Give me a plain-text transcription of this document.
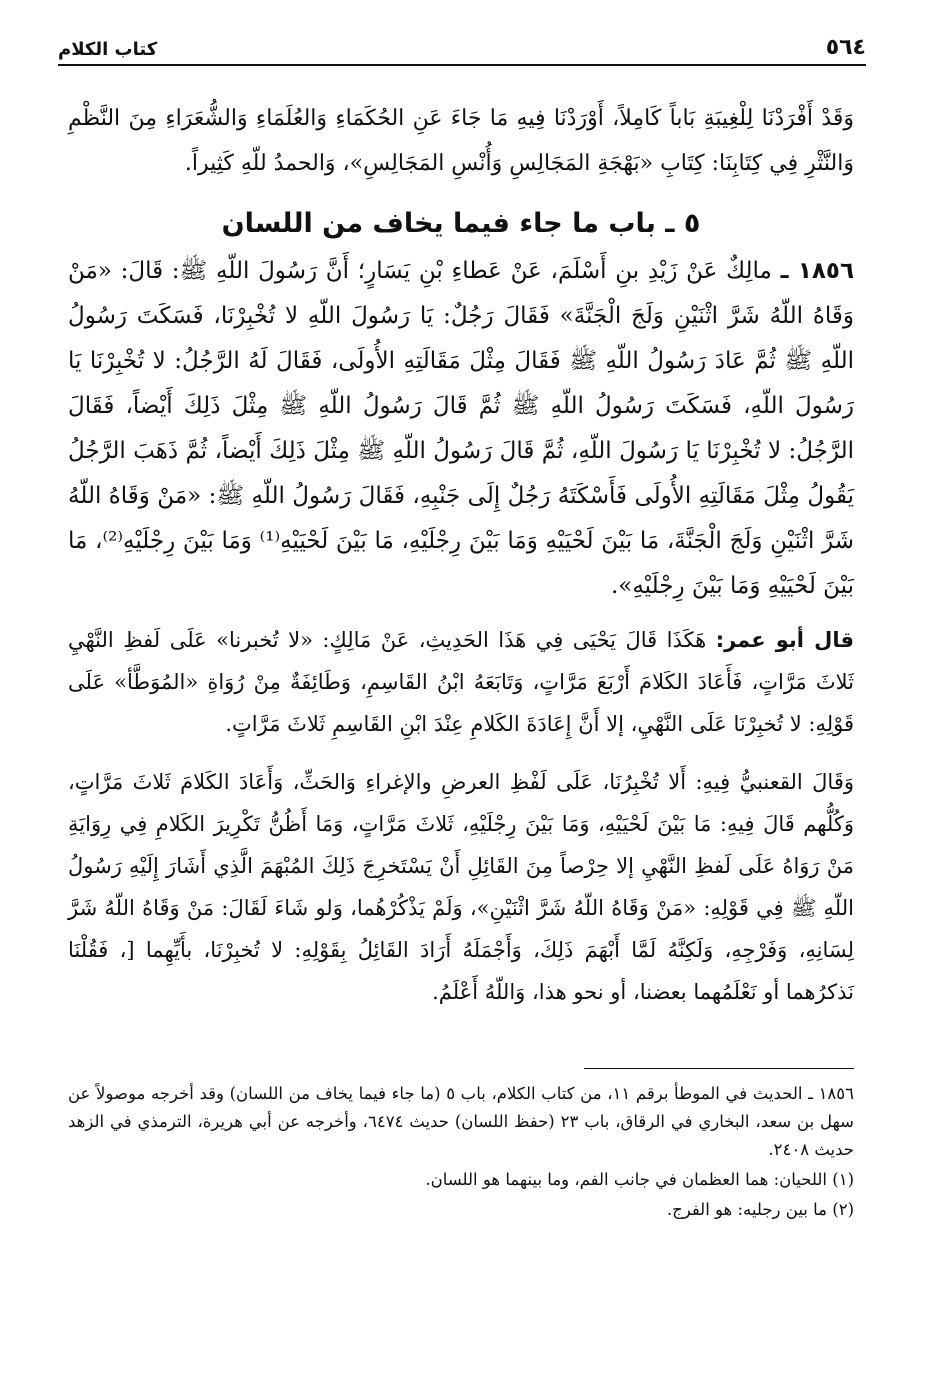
٥٦٤
كتاب الكلام

وَقَدْ أَفْرَدْنَا لِلْغِيبَةِ بَاباً كَامِلاً، أَوْرَدْنَا فِيهِ مَا جَاءَ عَنِ الحُكَمَاءِ وَالعُلَمَاءِ وَالشُّعَرَاءِ مِنَ النَّظْمِ وَالنَّثْرِ فِي كِتَابِنَا: كِتَابِ «بَهْجَةِ المَجَالِسِ وَأُنْسِ المَجَالِسِ»، وَالحمدُ للّهِ كَثِيراً.

٥ ـ باب ما جاء فيما يخاف من اللسان

١٨٥٦ ـ مالِكٌ عَنْ زَيْدِ بنِ أَسْلَمَ، عَنْ عَطاءِ بْنِ يَسَارٍ؛ أَنَّ رَسُولَ اللّهِ ﷺ: قَالَ: «مَنْ وَقَاهُ اللّهُ شَرَّ اثْنَيْنِ وَلَجَ الْجَنَّةَ» فَقَالَ رَجُلٌ: يَا رَسُولَ اللّهِ لا تُخْبِرْنَا، فَسَكَتَ رَسُولُ اللّهِ ﷺ ثُمَّ عَادَ رَسُولُ اللّهِ ﷺ فَقَالَ مِثْلَ مَقَالَتِهِ الأُولَى، فَقَالَ لَهُ الرَّجُلُ: لا تُخْبِرْنَا يَا رَسُولَ اللّهِ، فَسَكَتَ رَسُولُ اللّهِ ﷺ ثُمَّ قَالَ رَسُولُ اللّهِ ﷺ مِثْلَ ذَلِكَ أَيْضاً، فَقَالَ الرَّجُلُ: لا تُخْبِرْنَا يَا رَسُولَ اللّهِ، ثُمَّ قَالَ رَسُولُ اللّهِ ﷺ مِثْلَ ذَلِكَ أَيْضاً، ثُمَّ ذَهَبَ الرَّجُلُ يَقُولُ مِثْلَ مَقَالَتِهِ الأُولَى فَأَسْكَتَهُ رَجُلٌ إِلَى جَنْبِهِ، فَقَالَ رَسُولُ اللّهِ ﷺ: «مَنْ وَقَاهُ اللّهُ شَرَّ اثْنَيْنِ وَلَجَ الْجَنَّةَ، مَا بَيْنَ لَحْيَيْهِ وَمَا بَيْنَ رِجْلَيْهِ، مَا بَيْنَ لَحْيَيْهِ⁽¹⁾ وَمَا بَيْنَ رِجْلَيْهِ⁽²⁾، مَا بَيْنَ لَحْيَيْهِ وَمَا بَيْنَ رِجْلَيْهِ».

قال أبو عمر: هَكَذَا قَالَ يَحْيَى فِي هَذَا الحَدِيثِ، عَنْ مَالِكٍ: «لا تُخبرنا» عَلَى لَفظِ النَّهْيِ ثَلاثَ مَرَّاتٍ، فَأَعَادَ الكَلامَ أَرْبَعَ مَرَّاتٍ، وَتَابَعَهُ ابْنُ القَاسِمِ، وَطَائِفَةٌ مِنْ رُوَاةِ «المُوَطَّأ» عَلَى قَوْلِهِ: لا تُخبِرْنَا عَلَى النَّهْيِ، إلا أَنَّ إِعَادَةَ الكَلامِ عِنْدَ ابْنِ القَاسِمِ ثَلاثَ مَرَّاتٍ.

وَقَالَ القعنبيُّ فِيهِ: أَلا تُخْبِرُنَا، عَلَى لَفْظِ العرضِ والإغراءِ وَالحَثِّ، وَأَعَادَ الكَلامَ ثَلاثَ مَرَّاتٍ، وَكُلُّهم قَالَ فِيهِ: مَا بَيْنَ لَحْيَيْهِ، وَمَا بَيْنَ رِجْلَيْهِ، ثَلاثَ مَرَّاتٍ، وَمَا أَظُنُّ تَكْرِيرَ الكَلامِ فِي رِوَايَةِ مَنْ رَوَاهُ عَلَى لَفظِ النَّهْيِ إلا حِرْصاً مِنَ القَائِلِ أَنْ يَسْتَخرِجَ ذَلِكَ المُبْهَمَ الَّذِي أَشَارَ إِلَيْهِ رَسُولُ اللّهِ ﷺ فِي قَوْلِهِ: «مَنْ وَقَاهُ اللّهُ شَرَّ اثْنَيْنِ»، وَلَمْ يَذْكُرْهُما، وَلو شَاءَ لَقَالَ: مَنْ وَقَاهُ اللّهُ شَرَّ لِسَانِهِ، وَفَرْجِهِ، وَلَكِنَّهُ لَمَّا أَبْهَمَ ذَلِكَ، وَأَجْمَلَهُ أَرَادَ القَائِلُ بِقَوْلِهِ: لا تُخبِرْنَا، بأَيِّهِما [، فَقُلْنَا نَذكرُهما أو نَعْلَمُهما بعضنا، أو نحو هذا، وَاللّهُ أَعْلَمُ.

١٨٥٦ ـ الحديث في الموطأ برقم ١١، من كتاب الكلام، باب ٥ (ما جاء فيما يخاف من اللسان) وقد أخرجه موصولاً عن سهل بن سعد، البخاري في الرقاق، باب ٢٣ (حفظ اللسان) حديث ٦٤٧٤، وأخرجه عن أبي هريرة، الترمذي في الزهد حديث ٢٤٠٨.
(١) اللحيان: هما العظمان في جانب الفم، وما بينهما هو اللسان.
(٢) ما بين رجليه: هو الفرج.
